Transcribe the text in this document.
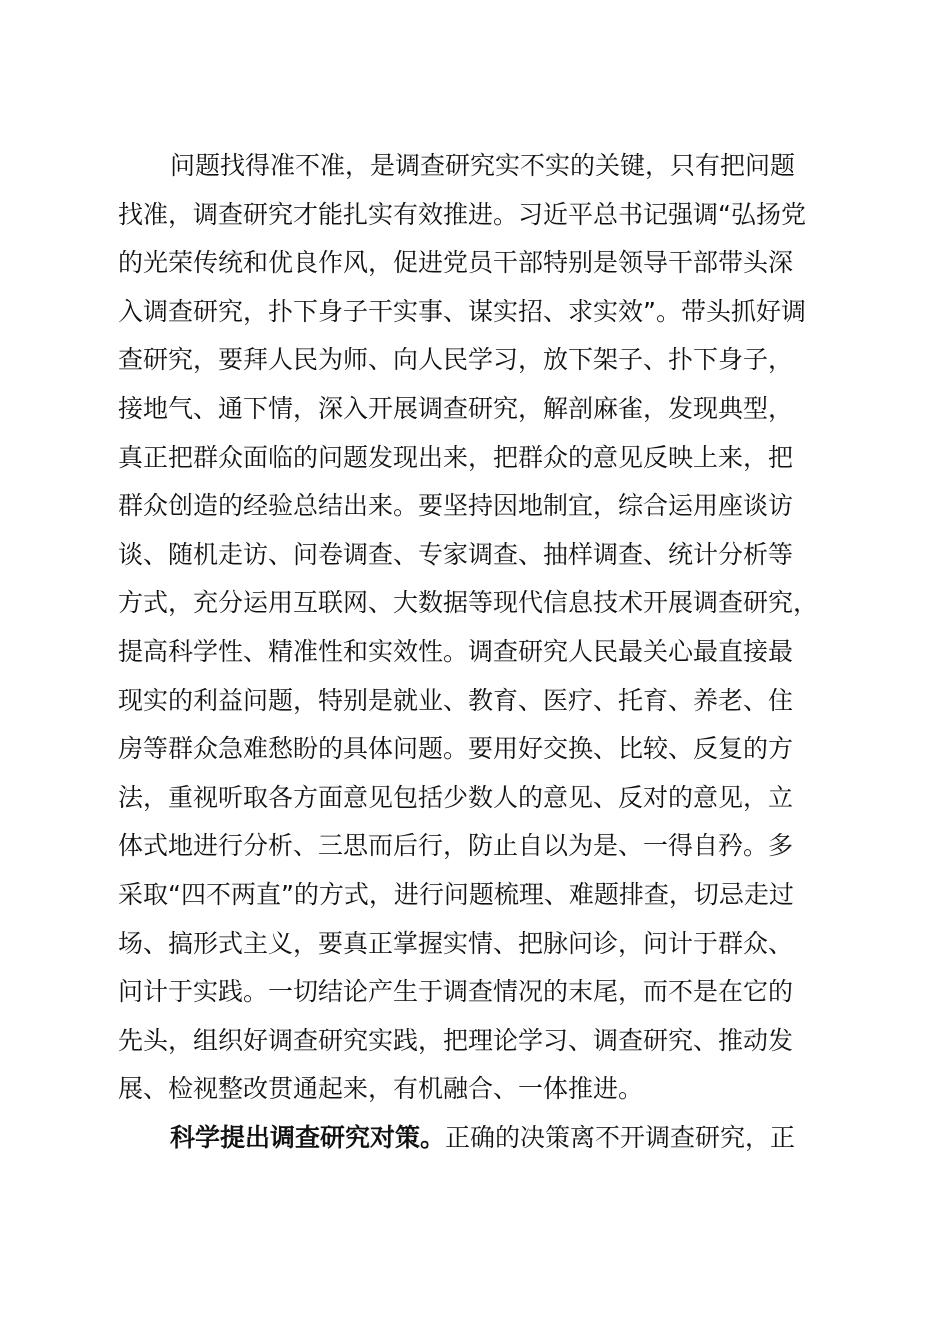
问题找得准不准，是调查研究实不实的关键，只有把问题
找准，调查研究才能扎实有效推进。习近平总书记强调“弘扬党
的光荣传统和优良作风，促进党员干部特别是领导干部带头深
入调查研究，扑下身子干实事、谋实招、求实效”。带头抓好调
查研究，要拜人民为师、向人民学习，放下架子、扑下身子，
接地气、通下情，深入开展调查研究，解剖麻雀，发现典型，
真正把群众面临的问题发现出来，把群众的意见反映上来，把
群众创造的经验总结出来。要坚持因地制宜，综合运用座谈访
谈、随机走访、问卷调查、专家调查、抽样调查、统计分析等
方式，充分运用互联网、大数据等现代信息技术开展调查研究，
提高科学性、精准性和实效性。调查研究人民最关心最直接最
现实的利益问题，特别是就业、教育、医疗、托育、养老、住
房等群众急难愁盼的具体问题。要用好交换、比较、反复的方
法，重视听取各方面意见包括少数人的意见、反对的意见，立
体式地进行分析、三思而后行，防止自以为是、一得自矜。多
采取“四不两直”的方式，进行问题梳理、难题排查，切忌走过
场、搞形式主义，要真正掌握实情、把脉问诊，问计于群众、
问计于实践。一切结论产生于调查情况的末尾，而不是在它的
先头，组织好调查研究实践，把理论学习、调查研究、推动发
展、检视整改贯通起来，有机融合、一体推进。
科学提出调查研究对策。正确的决策离不开调查研究，正
